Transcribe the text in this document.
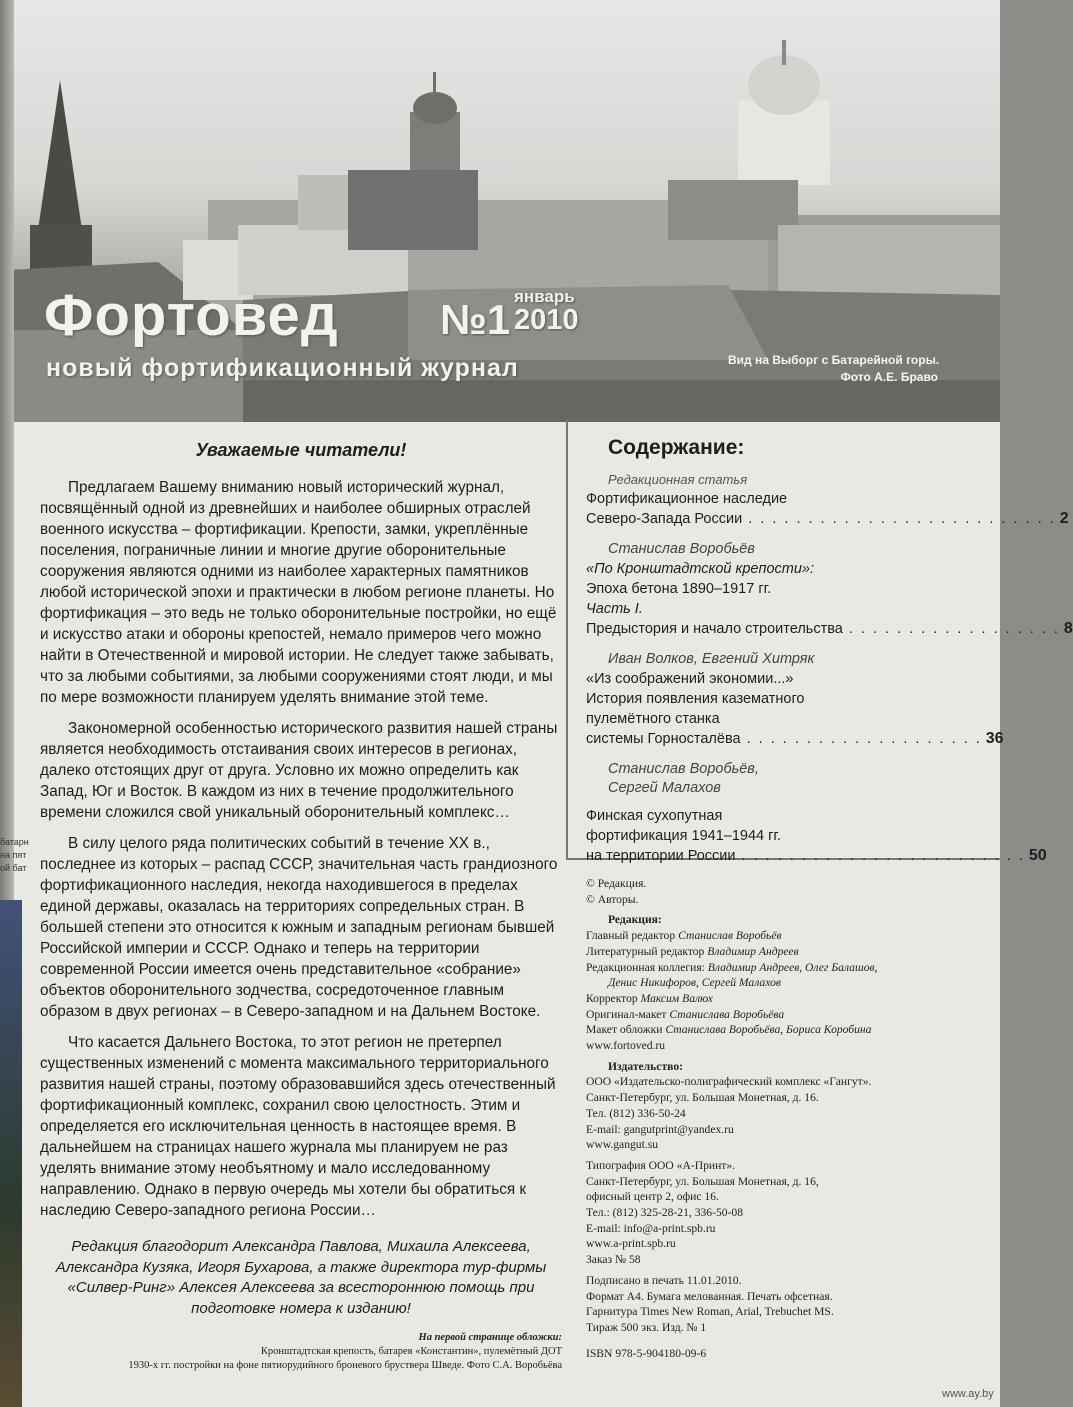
Фортовед №1 январь
2010
новый фортификационный журнал	Вид на Выборг с Батарейной горы.
Фото А.Е. Браво
батарн
на пят
ой бат
Уважаемые читатели!

Предлагаем Вашему вниманию новый исторический журнал, посвящённый одной из древнейших и наиболее обширных отраслей военного искусства – фортификации. Крепости, замки, укреплённые поселения, пограничные линии и многие другие оборонительные сооружения являются одними из наиболее характерных памятников любой исторической эпохи и практически в любом регионе планеты. Но фортификация – это ведь не только оборонительные постройки, но ещё и искусство атаки и обороны крепостей, немало примеров чего можно найти в Отечественной и мировой истории. Не следует также забывать, что за любыми событиями, за любыми сооружениями стоят люди, и мы по мере возможности планируем уделять внимание этой теме.

Закономерной особенностью исторического развития нашей страны является необходимость отстаивания своих интересов в регионах, далеко отстоящих друг от друга. Условно их можно определить как Запад, Юг и Восток. В каждом из них в течение продолжительного времени сложился свой уникальный оборонительный комплекс…

В силу целого ряда политических событий в течение XX в., последнее из которых – распад СССР, значительная часть грандиозного фортификационного наследия, некогда находившегося в пределах единой державы, оказалась на территориях сопредельных стран. В большей степени это относится к южным и западным регионам бывшей Российской империи и СССР. Однако и теперь на территории современной России имеется очень представительное «собрание» объектов оборонительного зодчества, сосредоточенное главным образом в двух регионах – в Северо-западном и на Дальнем Востоке.

Что касается Дальнего Востока, то этот регион не претерпел существенных изменений с момента максимального территориального развития нашей страны, поэтому образовавшийся здесь отечественный фортификационный комплекс, сохранил свою целостность. Этим и определяется его исключительная ценность в настоящее время. В дальнейшем на страницах нашего журнала мы планируем не раз уделять внимание этому необъятному и мало исследованному направлению. Однако в первую очередь мы хотели бы обратиться к наследию Северо-западного региона России…

Редакция благодорит Александра Павлова, Михаила Алексеева, Александра Кузяка, Игоря Бухарова, а также директора тур-фирмы «Силвер-Ринг» Алексея Алексеева за всестороннюю помощь при подготовке номера к изданию!
На первой странице обложки:
Кронштадтская крепость, батарея «Константин», пулемётный ДОТ
1930-х гг. постройки на фоне пятиорудийного броневого бруствера Шведе. Фото С.А. Воробьёва
Содержание:
Редакционная статья
Фортификационное наследие
Северо-Запада России . . . . . . . . . . . . . . . . . . . . . . . . . . 2
Станислав Воробьёв
«По Кронштадтской крепости»:
Эпоха бетона 1890–1917 гг.
Часть I.
Предыстория и начало строительства . . . . . . . . . . . . . . . . . . 8
Иван Волков, Евгений Хитряк
«Из соображений экономии...»
История появления казематного
пулемётного станка
системы Горносталёва . . . . . . . . . . . . . . . . . . . . 36
Станислав Воробьёв,
Сергей Малахов
Финская сухопутная
фортификация 1941–1944 гг.
на территории России . . . . . . . . . . . . . . . . . . . . . . . . 50
© Редакция.
© Авторы.
Редакция:
Главный редактор Станислав Воробьёв
Литературный редактор Владимир Андреев
Редакционная коллегия: Владимир Андреев, Олег Балашов,
Денис Никифоров, Сергей Малахов
Корректор Максим Валюх
Оригинал-макет Станислава Воробьёва
Макет обложки Станислава Воробьёва, Бориса Коробина
www.fortoved.ru
Издательство:
ООО «Издательско-полиграфический комплекс «Гангут».
Санкт-Петербург, ул. Большая Монетная, д. 16.
Тел. (812) 336-50-24
E-mail: gangutprint@yandex.ru
www.gangut.su
Типография ООО «А-Принт».
Санкт-Петербург, ул. Большая Монетная, д. 16,
офисный центр 2, офис 16.
Тел.: (812) 325-28-21, 336-50-08
E-mail: info@a-print.spb.ru
www.a-print.spb.ru
Заказ № 58
Подписано в печать 11.01.2010.
Формат А4. Бумага мелованная. Печать офсетная.
Гарнитура Times New Roman, Arial, Trebuchet MS.
Тираж 500 экз. Изд. № 1
ISBN 978-5-904180-09-6
www.ay.by
